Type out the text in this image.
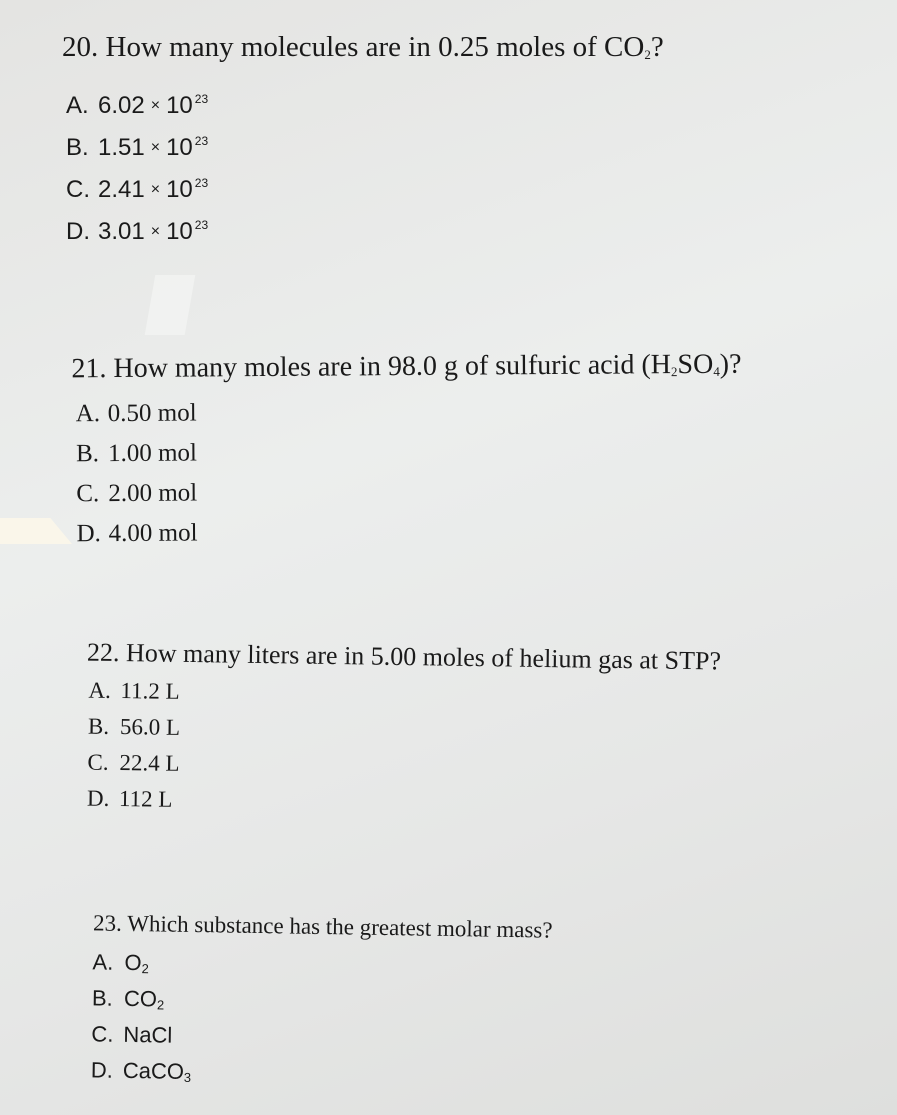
20. How many molecules are in 0.25 moles of $CO_2$?
A. 6.02 × 10 $^{23}$
B. 1.51 × 10 $^{23}$
C. 2.41 × 10 $^{23}$
D. 3.01 × 10 $^{23}$
21. How many moles are in 98.0 g of sulfuric acid $(H_2SO_4)$?
A. 0.50 mol
B. 1.00 mol
C. 2.00 mol
D. 4.00 mol
22. How many liters are in 5.00 moles of helium gas at STP?
A. 11.2 L
B. 56.0 L
C. 22.4 L
D. 112 L
23. Which substance has the greatest molar mass?
A. $O_2$
B. $CO_2$
C. NaCl
D. CaCO$_3$
